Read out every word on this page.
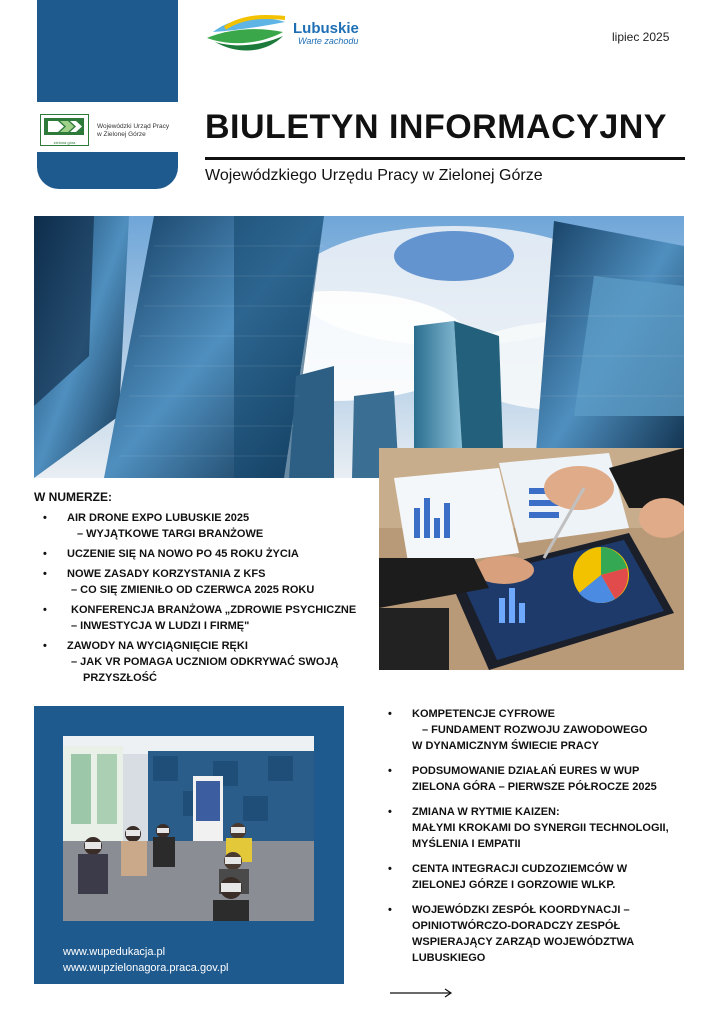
zielona góra
Wojewódzki Urząd Pracy
w Zielonej Górze
Lubuskie
Warte zachodu	lipiec 2025
BIULETYN INFORMACYJNY
Wojewódzkiego Urzędu Pracy w Zielonej Górze
W NUMERZE:
•	AIR DRONE EXPO LUBUSKIE 2025
– WYJĄTKOWE TARGI BRANŻOWE
•	UCZENIE SIĘ NA NOWO PO 45 ROKU ŻYCIA
•	NOWE ZASADY KORZYSTANIA Z KFS
– CO SIĘ ZMIENIŁO OD CZERWCA 2025 ROKU
•	KONFERENCJA BRANŻOWA „ZDROWIE PSYCHICZNE
– INWESTYCJA W LUDZI I FIRMĘ"
•	ZAWODY NA WYCIĄGNIĘCIE RĘKI
– JAK VR POMAGA UCZNIOM ODKRYWAĆ SWOJĄ
PRZYSZŁOŚĆ
www.wupedukacja.pl
www.wupzielonagora.praca.gov.pl
•	KOMPETENCJE CYFROWE
– FUNDAMENT ROZWOJU ZAWODOWEGO
W DYNAMICZNYM ŚWIECIE PRACY
•	PODSUMOWANIE DZIAŁAŃ EURES W WUP
ZIELONA GÓRA – PIERWSZE PÓŁROCZE 2025
•	ZMIANA W RYTMIE KAIZEN:
MAŁYMI KROKAMI DO SYNERGII TECHNOLOGII,
MYŚLENIA I EMPATII
•	CENTA INTEGRACJI CUDZOZIEMCÓW W
ZIELONEJ GÓRZE I GORZOWIE WLKP.
•	WOJEWÓDZKI ZESPÓŁ KOORDYNACJI –
OPINIOTWÓRCZO-DORADCZY ZESPÓŁ
WSPIERAJĄCY ZARZĄD WOJEWÓDZTWA
LUBUSKIEGO
